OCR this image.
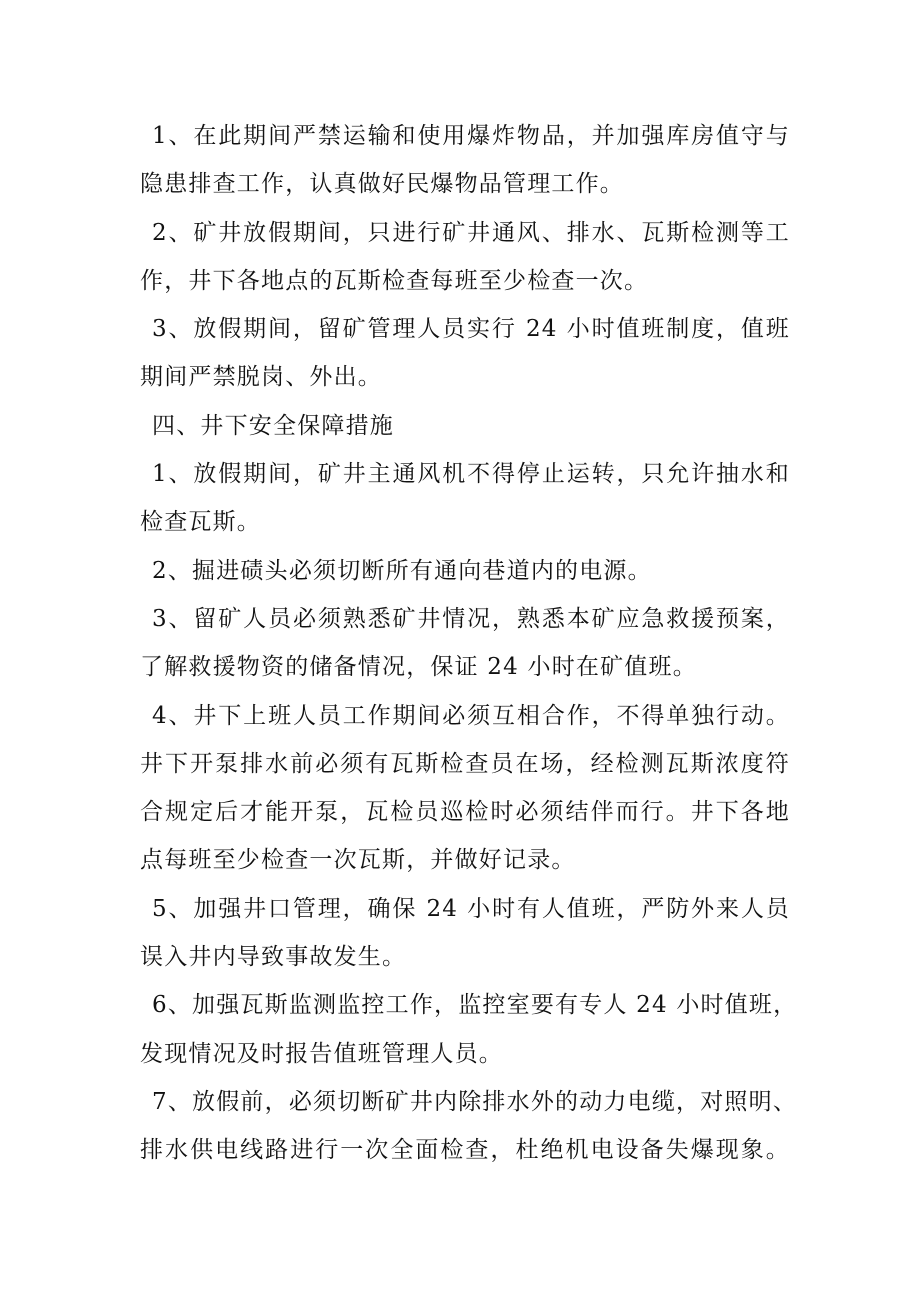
1、在此期间严禁运输和使用爆炸物品，并加强库房值守与
隐患排查工作，认真做好民爆物品管理工作。
2、矿井放假期间，只进行矿井通风、排水、瓦斯检测等工
作，井下各地点的瓦斯检查每班至少检查一次。
3、放假期间，留矿管理人员实行 24 小时值班制度，值班
期间严禁脱岗、外出。
四、井下安全保障措施
1、放假期间，矿井主通风机不得停止运转，只允许抽水和
检查瓦斯。
2、掘进碛头必须切断所有通向巷道内的电源。
3、留矿人员必须熟悉矿井情况，熟悉本矿应急救援预案，
了解救援物资的储备情况，保证 24 小时在矿值班。
4、井下上班人员工作期间必须互相合作，不得单独行动。
井下开泵排水前必须有瓦斯检查员在场，经检测瓦斯浓度符
合规定后才能开泵，瓦检员巡检时必须结伴而行。井下各地
点每班至少检查一次瓦斯，并做好记录。
5、加强井口管理，确保 24 小时有人值班，严防外来人员
误入井内导致事故发生。
6、加强瓦斯监测监控工作，监控室要有专人 24 小时值班，
发现情况及时报告值班管理人员。
7、放假前，必须切断矿井内除排水外的动力电缆，对照明、
排水供电线路进行一次全面检查，杜绝机电设备失爆现象。
